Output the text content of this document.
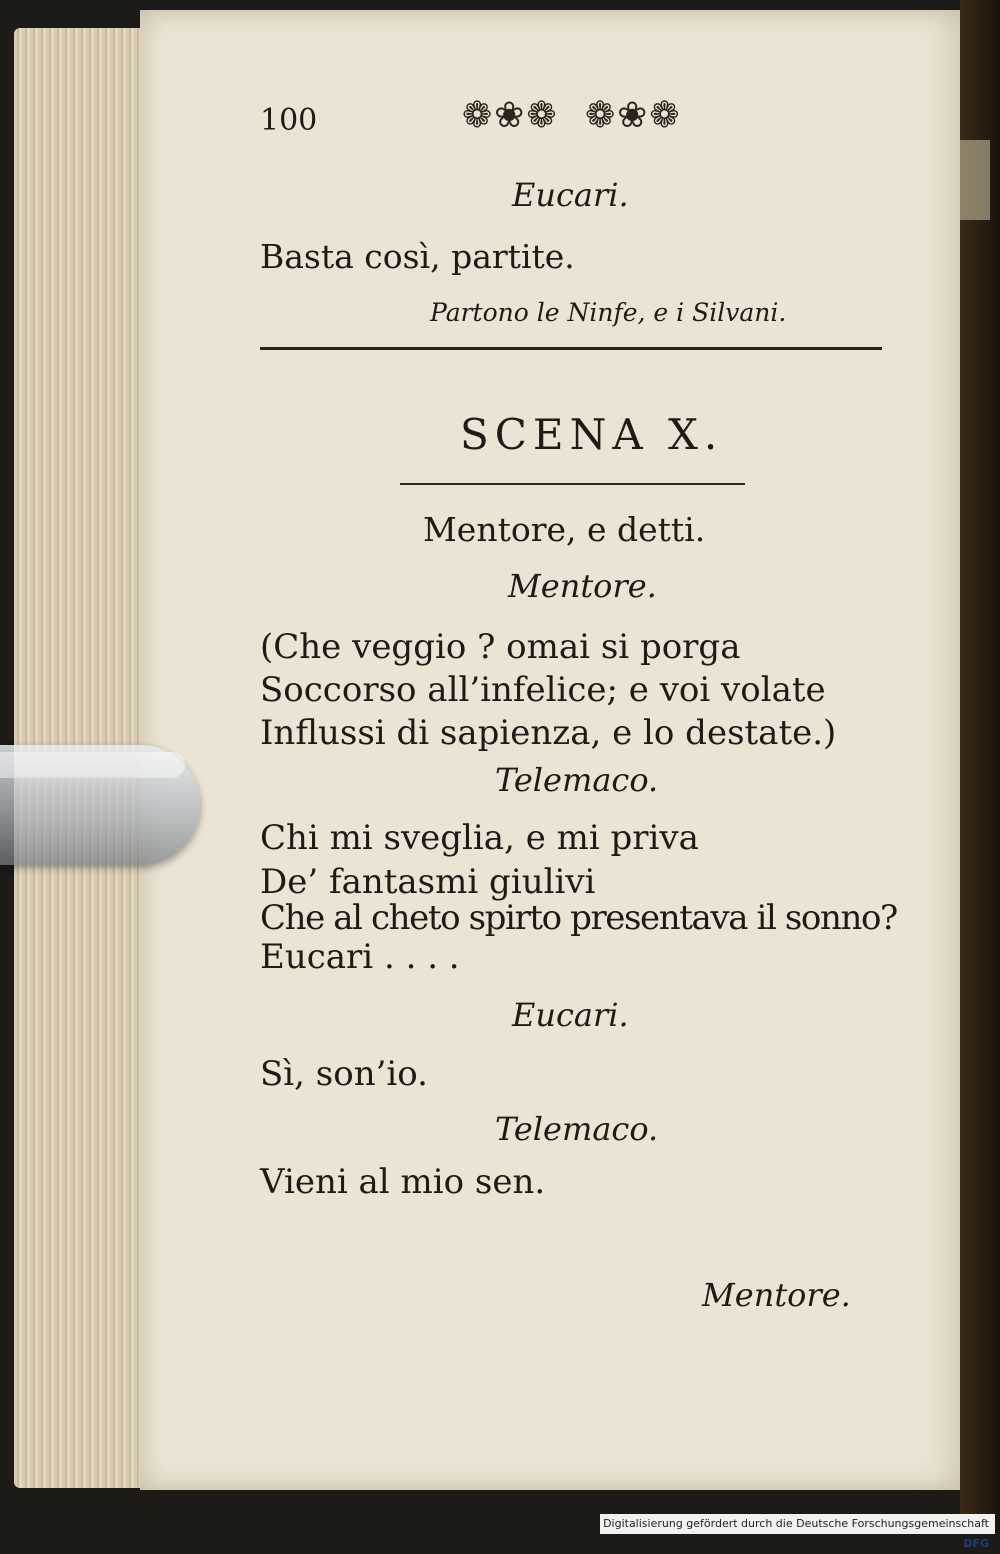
100	❁❀❁ ❁❀❁
Eucari.
Basta così, partite.
Partono le Ninfe, e i Silvani.
SCENA X.
Mentore, e detti.
Mentore.
(Che veggio ? omai si porga
Soccorso all’infelice; e voi volate
Influssi di sapienza, e lo destate.)
Telemaco.
Chi mi sveglia, e mi priva
De’ fantasmi giulivi
Che al cheto spirto presentava il sonno?
Eucari . . . .
Eucari.
Sì, son’io.
Telemaco.
Vieni al mio sen.
Mentore.
Digitalisierung gefördert durch die Deutsche Forschungsgemeinschaft · DFG
